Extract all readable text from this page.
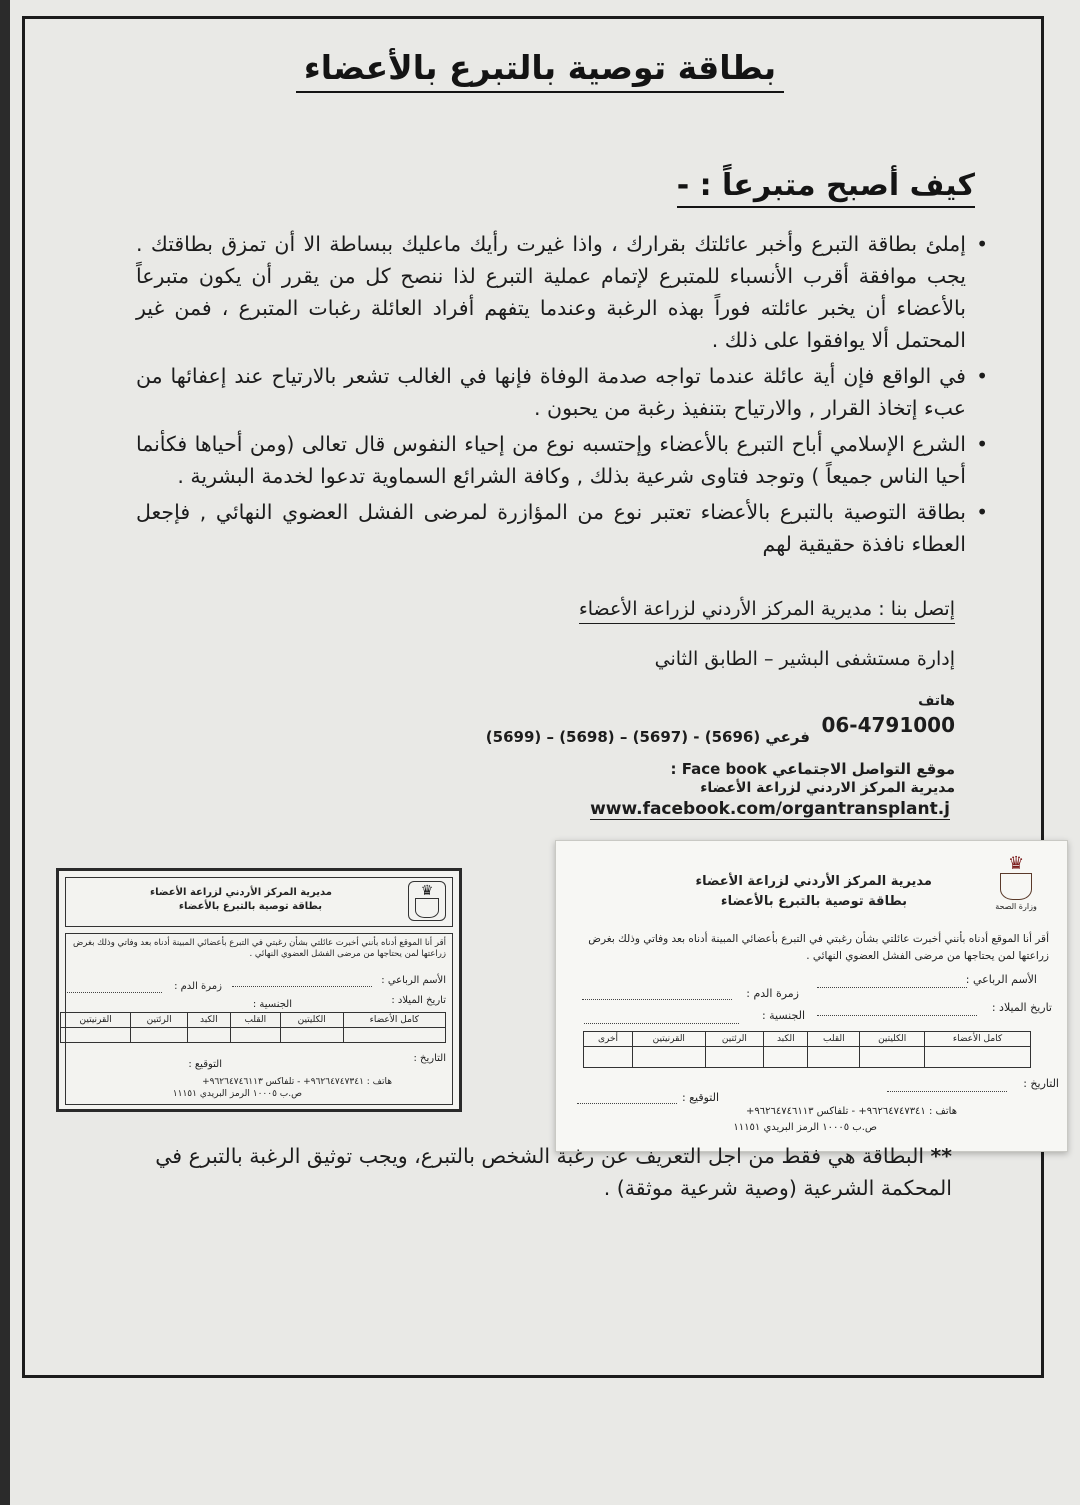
بطاقة توصية بالتبرع بالأعضاء
كيف أصبح متبرعاً : -
• إملئ بطاقة التبرع وأخبر عائلتك بقرارك ، واذا غيرت رأيك ماعليك ببساطة الا أن تمزق بطاقتك . يجب موافقة أقرب الأنسباء للمتبرع لإتمام عملية التبرع لذا ننصح كل من يقرر أن يكون متبرعاً بالأعضاء أن يخبر عائلته فوراً بهذه الرغبة وعندما يتفهم أفراد العائلة رغبات المتبرع ، فمن غير المحتمل ألا يوافقوا على ذلك .
• في الواقع فإن أية عائلة عندما تواجه صدمة الوفاة فإنها في الغالب تشعر بالارتياح عند إعفائها من عبء إتخاذ القرار , والارتياح بتنفيذ رغبة من يحبون .
• الشرع الإسلامي أباح التبرع بالأعضاء وإحتسبه نوع من إحياء النفوس قال تعالى (ومن أحياها فكأنما أحيا الناس جميعاً ) وتوجد فتاوى شرعية بذلك , وكافة الشرائع السماوية تدعوا لخدمة البشرية .
• بطاقة التوصية بالتبرع بالأعضاء تعتبر نوع من المؤازرة لمرضى الفشل العضوي النهائي , فإجعل العطاء نافذة حقيقية لهم
إتصل بنا : مديرية المركز الأردني لزراعة الأعضاء
إدارة مستشفى البشير – الطابق الثاني
هاتف
06-4791000
فرعي (5696) - (5697) – (5698) – (5699)
موقع التواصل الاجتماعي Face book :
مديرية المركز الاردني لزراعة الأعضاء
www.facebook.com/organtransplant.j
♛
مديرية المركز الأردني لزراعة الأعضاء
بطاقة توصية بالتبرع بالأعضاء
أقر أنا الموقع أدناه بأنني أخبرت عائلتي بشأن رغبتي في التبرع بأعضائي المبينة أدناه بعد وفاتي وذلك بغرض زراعتها لمن يحتاجها من مرضى الفشل العضوي النهائي .
الأسم الرباعي :
زمرة الدم :
تاريخ الميلاد :
الجنسية :
كامل الأعضاء	الكليتين	القلب	الكبد	الرئتين	القرنيتين

التاريخ :
التوقيع :
هاتف : ٩٦٢٦٤٧٤٧٣٤١+ - تلفاكس ٩٦٢٦٤٧٤٦١١٣+
ص.ب ١٠٠٠٥ الرمز البريدي ١١١٥١
♛
وزارة الصحة
مديرية المركز الأردني لزراعة الأعضاء
بطاقة توصية بالتبرع بالأعضاء
أقر أنا الموقع أدناه بأنني أخبرت عائلتي بشأن رغبتي في التبرع بأعضائي المبينة أدناه بعد وفاتي وذلك بغرض زراعتها لمن يحتاجها من مرضى الفشل العضوي النهائي .
الأسم الرباعي :
زمرة الدم :
تاريخ الميلاد :
الجنسية :
كامل الأعضاء	الكليتين	القلب	الكبد	الرئتين	القرنيتين	أخرى

التاريخ :
التوقيع :
هاتف : ٩٦٢٦٤٧٤٧٣٤١+ - تلفاكس ٩٦٢٦٤٧٤٦١١٣+
ص.ب ١٠٠٠٥ الرمز البريدي ١١١٥١
** البطاقة هي فقط من اجل التعريف عن رغبة الشخص بالتبرع، ويجب توثيق الرغبة بالتبرع في المحكمة الشرعية (وصية شرعية موثقة) .
